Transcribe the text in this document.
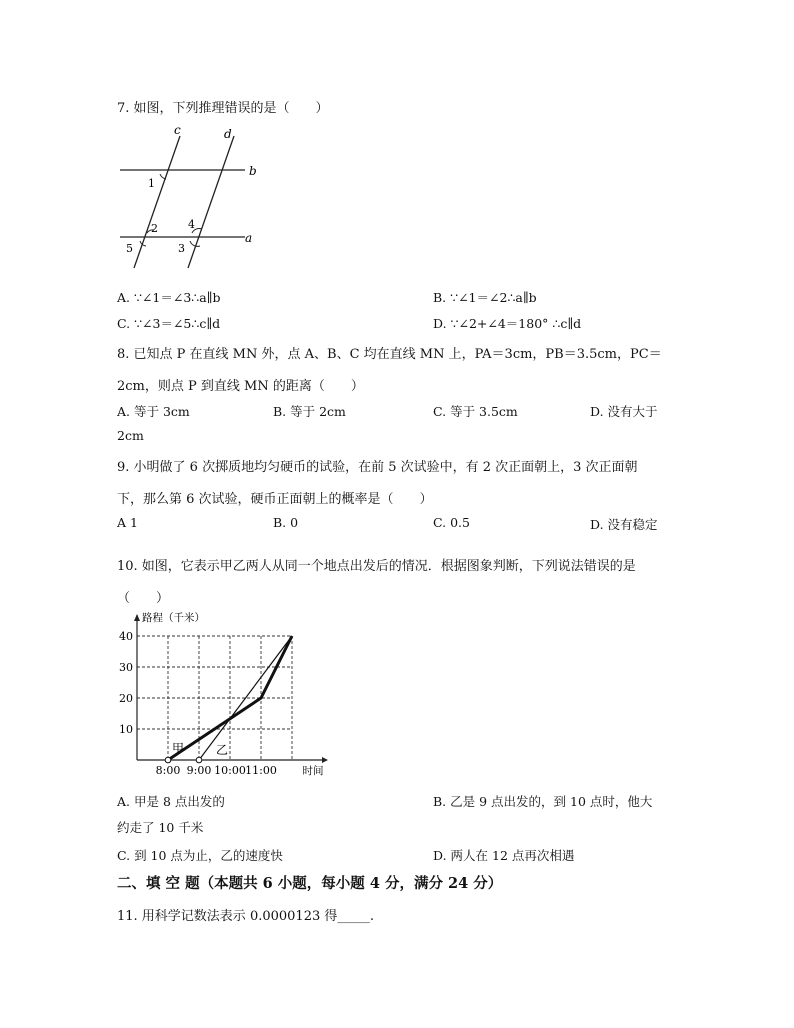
7. 如图，下列推理错误的是（　　）
c	d
b
a
1
2	4
3
5
A. ∵∠1＝∠3∴a∥b	B. ∵∠1＝∠2∴a∥b
C. ∵∠3＝∠5∴c∥d	D. ∵∠2+∠4＝180° ∴c∥d
8. 已知点 P 在直线 MN 外，点 A、B、C 均在直线 MN 上，PA＝3cm，PB＝3.5cm，PC＝
2cm，则点 P 到直线 MN 的距离（　　）
A. 等于 3cm	B. 等于 2cm	C. 等于 3.5cm	D. 没有大于
2cm
9. 小明做了 6 次掷质地均匀硬币的试验，在前 5 次试验中，有 2 次正面朝上，3 次正面朝
下，那么第 6 次试验，硬币正面朝上的概率是（　　）
A 1	B. 0	C. 0.5	D. 没有稳定
10. 如图，它表示甲乙两人从同一个地点出发后的情况．根据图象判断，下列说法错误的是
（　　）
甲	乙
10
20
30
40
8:00 9:00 10:00 11:00
路程（千米）
时间
A. 甲是 8 点出发的	B. 乙是 9 点出发的，到 10 点时，他大
约走了 10 千米
C. 到 10 点为止，乙的速度快	D. 两人在 12 点再次相遇
二、填 空 题（本题共 6 小题，每小题 4 分，满分 24 分）
11. 用科学记数法表示 0.0000123 得_____.
